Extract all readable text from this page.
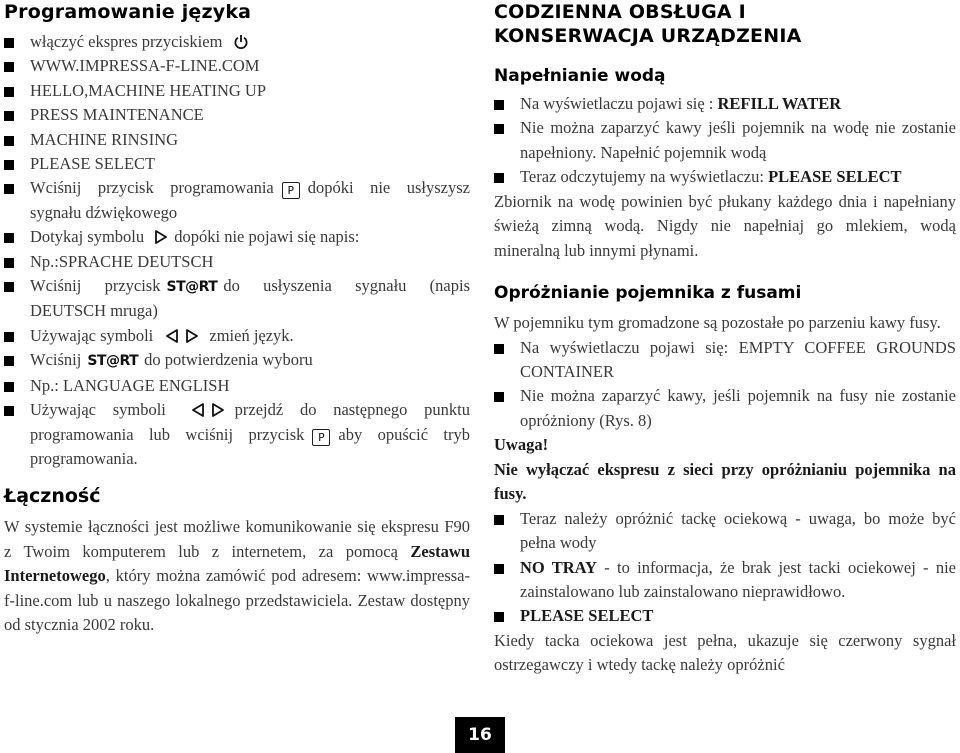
Programowanie języka
włączyć ekspres przyciskiem
WWW.IMPRESSA-F-LINE.COM
HELLO,MACHINE HEATING UP
PRESS MAINTENANCE
MACHINE RINSING
PLEASE SELECT
Wciśnij przycisk programowania P dopóki nie usłyszysz sygnału dźwiękowego
Dotykaj symbolu dopóki nie pojawi się napis:
Np.:SPRACHE DEUTSCH
Wciśnij przycisk ST@RT do usłyszenia sygnału (napis DEUTSCH mruga)
Używając symboli	zmień język.
Wciśnij ST@RT do potwierdzenia wyboru
Np.: LANGUAGE ENGLISH
Używając symboli	przejdź do następnego punktu programowania lub wciśnij przycisk P aby opuścić tryb programowania.
Łączność

W systemie łączności jest możliwe komunikowanie się ekspresu F90 z Twoim komputerem lub z internetem, za pomocą Zestawu Internetowego, który można zamówić pod adresem: www.impressa-f-line.com lub u naszego lokalnego przedstawiciela. Zestaw dostępny od stycznia 2002 roku.

CODZIENNA OBSŁUGA I KONSERWACJA URZĄDZENIA
Napełnianie wodą
Na wyświetlaczu pojawi się : REFILL WATER
Nie można zaparzyć kawy jeśli pojemnik na wodę nie zostanie napełniony. Napełnić pojemnik wodą
Teraz odczytujemy na wyświetlaczu: PLEASE SELECT

Zbiornik na wodę powinien być płukany każdego dnia i napełniany świeżą zimną wodą. Nigdy nie napełniaj go mlekiem, wodą mineralną lub innymi płynami.

Opróżnianie pojemnika z fusami

W pojemniku tym gromadzone są pozostałe po parzeniu kawy fusy.

Na wyświetlaczu pojawi się: EMPTY COFFEE GROUNDS CONTAINER
Nie można zaparzyć kawy, jeśli pojemnik na fusy nie zostanie opróżniony (Rys. 8)
Uwaga!
Nie wyłączać ekspresu z sieci przy opróżnianiu pojemnika na fusy.
Teraz należy opróżnić tackę ociekową - uwaga, bo może być pełna wody
NO TRAY - to informacja, że brak jest tacki ociekowej - nie zainstalowano lub zainstalowano nieprawidłowo.
PLEASE SELECT

Kiedy tacka ociekowa jest pełna, ukazuje się czerwony sygnał ostrzegawczy i wtedy tackę należy opróżnić

16
